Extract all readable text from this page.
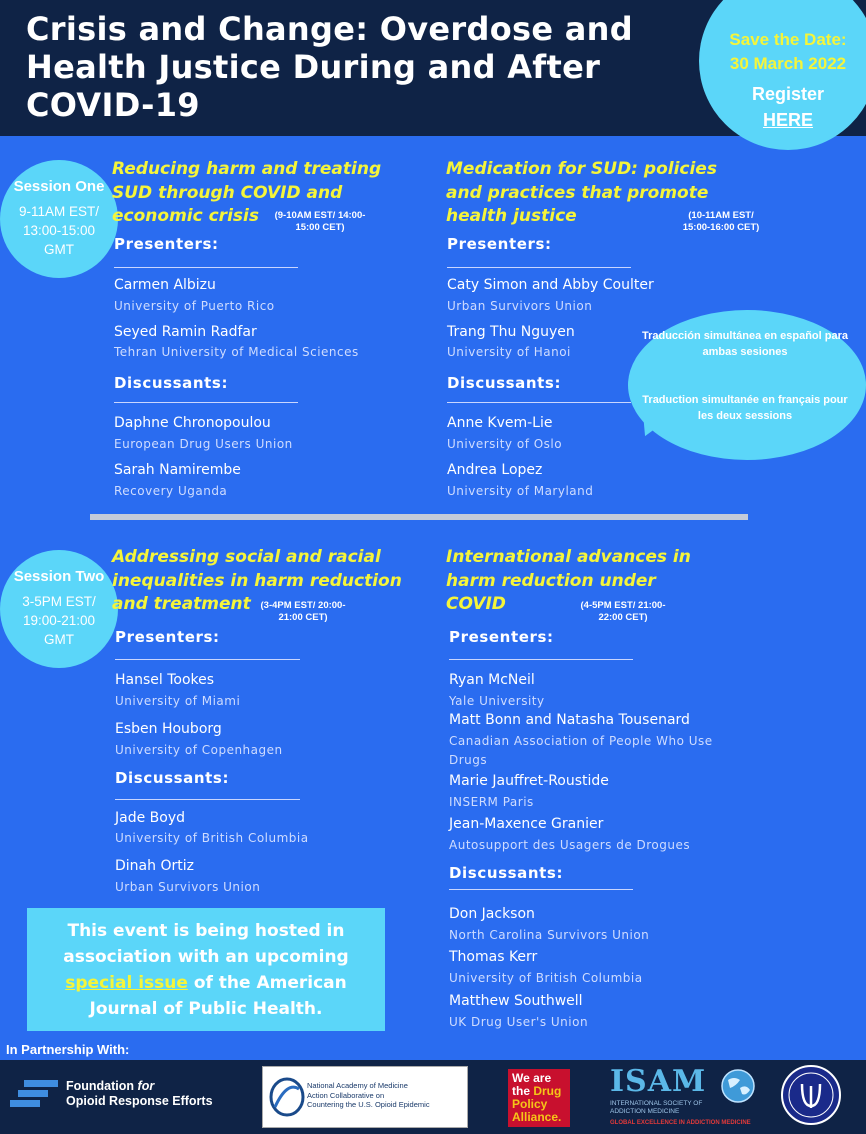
Crisis and Change: Overdose and Health Justice During and After COVID-19
Save the Date:
30 March 2022
Register
HERE
Session One
9-11AM EST/ 13:00-15:00 GMT
Reducing harm and treating SUD through COVID and economic crisis	(9-10AM EST/ 14:00-15:00 CET)
Presenters:
Carmen Albizu
University of Puerto Rico
Seyed Ramin Radfar
Tehran University of Medical Sciences
Discussants:
Daphne Chronopoulou
European Drug Users Union
Sarah Namirembe
Recovery Uganda
Medication for SUD: policies and practices that promote health justice	(10-11AM EST/ 15:00-16:00 CET)
Presenters:
Caty Simon and Abby Coulter
Urban Survivors Union
Trang Thu Nguyen
University of Hanoi
Discussants:
Anne Kvem-Lie
University of Oslo
Andrea Lopez
University of Maryland
Traducción simultánea en español para ambas sesiones
Traduction simultanée en français pour les deux sessions
Session Two
3-5PM EST/ 19:00-21:00 GMT
Addressing social and racial inequalities in harm reduction and treatment	(3-4PM EST/ 20:00-21:00 CET)
Presenters:
Hansel Tookes
University of Miami
Esben Houborg
University of Copenhagen
Discussants:
Jade Boyd
University of British Columbia
Dinah Ortiz
Urban Survivors Union
International advances in harm reduction under COVID	(4-5PM EST/ 21:00-22:00 CET)
Presenters:
Ryan McNeil
Yale University
Matt Bonn and Natasha Tousenard
Canadian Association of People Who Use Drugs
Marie Jauffret-Roustide
INSERM Paris
Jean-Maxence Granier
Autosupport des Usagers de Drogues
Discussants:
Don Jackson
North Carolina Survivors Union
Thomas Kerr
University of British Columbia
Matthew Southwell
UK Drug User's Union
This event is being hosted in association with an upcoming special issue of the American Journal of Public Health.
In Partnership With:
Foundation for
Opioid Response Efforts
National Academy of Medicine
Action Collaborative on
Countering the U.S. Opioid Epidemic
We are
the Drug
Policy
Alliance.
ISAM
INTERNATIONAL SOCIETY OF ADDICTION MEDICINE
GLOBAL EXCELLENCE IN ADDICTION MEDICINE
